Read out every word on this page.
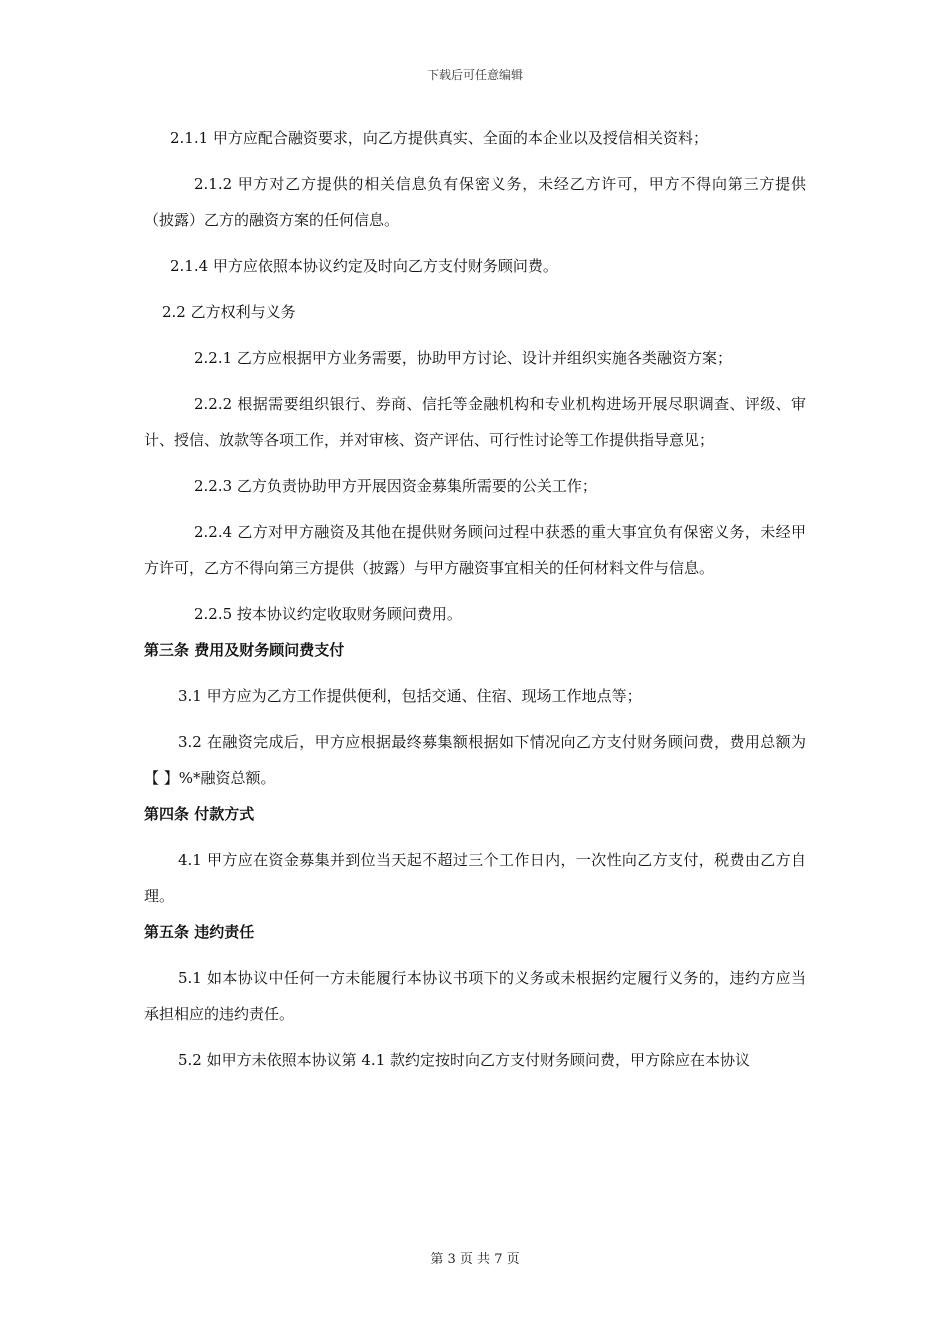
下载后可任意编辑

2.1.1 甲方应配合融资要求，向乙方提供真实、全面的本企业以及授信相关资料；

2.1.2 甲方对乙方提供的相关信息负有保密义务，未经乙方许可，甲方不得向第三方提供（披露）乙方的融资方案的任何信息。

2.1.4 甲方应依照本协议约定及时向乙方支付财务顾问费。

2.2 乙方权利与义务

2.2.1 乙方应根据甲方业务需要，协助甲方讨论、设计并组织实施各类融资方案；

2.2.2 根据需要组织银行、券商、信托等金融机构和专业机构进场开展尽职调查、评级、审计、授信、放款等各项工作，并对审核、资产评估、可行性讨论等工作提供指导意见；

2.2.3 乙方负责协助甲方开展因资金募集所需要的公关工作；

2.2.4 乙方对甲方融资及其他在提供财务顾问过程中获悉的重大事宜负有保密义务，未经甲方许可，乙方不得向第三方提供（披露）与甲方融资事宜相关的任何材料文件与信息。

2.2.5 按本协议约定收取财务顾问费用。

第三条 费用及财务顾问费支付

3.1 甲方应为乙方工作提供便利，包括交通、住宿、现场工作地点等；

3.2 在融资完成后，甲方应根据最终募集额根据如下情况向乙方支付财务顾问费，费用总额为【 】%*融资总额。

第四条 付款方式

4.1 甲方应在资金募集并到位当天起不超过三个工作日内，一次性向乙方支付，税费由乙方自理。

第五条 违约责任

5.1 如本协议中任何一方未能履行本协议书项下的义务或未根据约定履行义务的，违约方应当承担相应的违约责任。

5.2 如甲方未依照本协议第 4.1 款约定按时向乙方支付财务顾问费，甲方除应在本协议

第 3 页 共 7 页
